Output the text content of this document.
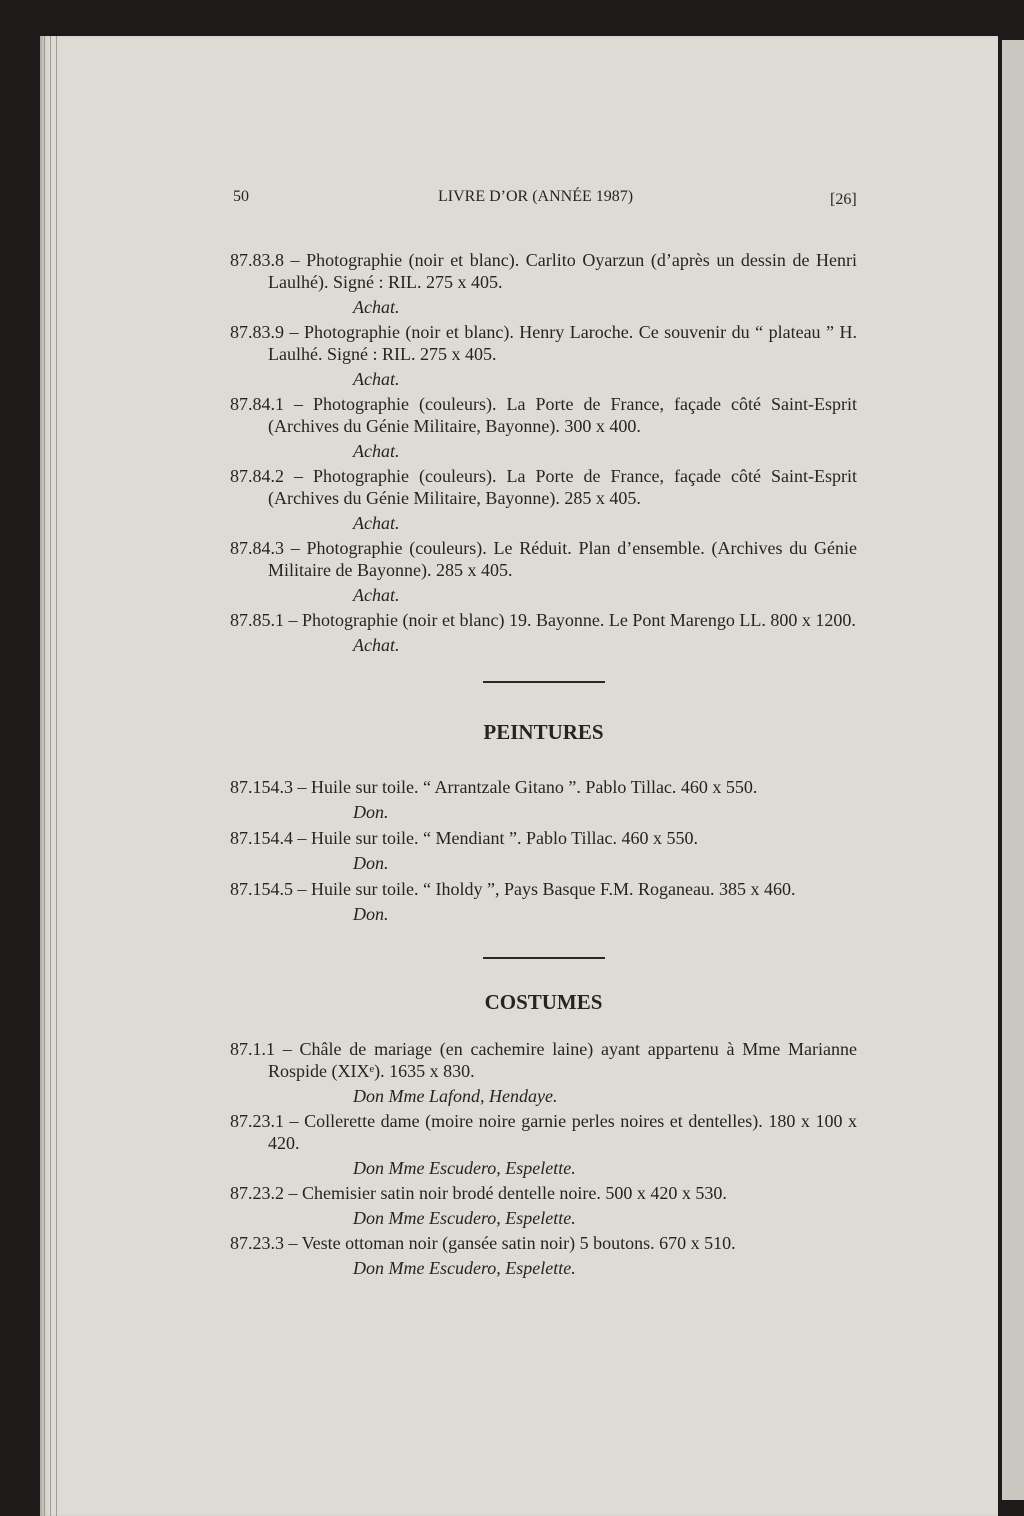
50	LIVRE D’OR (ANNÉE 1987)	[26]
87.83.8 – Photographie (noir et blanc). Carlito Oyarzun (d’après un dessin de Henri Laulhé). Signé : RIL. 275 x 405.
Achat.
87.83.9 – Photographie (noir et blanc). Henry Laroche. Ce souvenir du “ plateau ” H. Laulhé. Signé : RIL. 275 x 405.
Achat.
87.84.1 – Photographie (couleurs). La Porte de France, façade côté Saint-Esprit (Archives du Génie Militaire, Bayonne). 300 x 400.
Achat.
87.84.2 – Photographie (couleurs). La Porte de France, façade côté Saint-Esprit (Archives du Génie Militaire, Bayonne). 285 x 405.
Achat.
87.84.3 – Photographie (couleurs). Le Réduit. Plan d’ensemble. (Archives du Génie Militaire de Bayonne). 285 x 405.
Achat.
87.85.1 – Photographie (noir et blanc) 19. Bayonne. Le Pont Marengo LL. 800 x 1200.
Achat.
PEINTURES
87.154.3 – Huile sur toile. “ Arrantzale Gitano ”. Pablo Tillac. 460 x 550.
Don.
87.154.4 – Huile sur toile. “ Mendiant ”. Pablo Tillac. 460 x 550.
Don.
87.154.5 – Huile sur toile. “ Iholdy ”, Pays Basque F.M. Roganeau. 385 x 460.
Don.
COSTUMES
87.1.1 – Châle de mariage (en cachemire laine) ayant appartenu à Mme Marianne Rospide (XIXᵉ). 1635 x 830.
Don Mme Lafond, Hendaye.
87.23.1 – Collerette dame (moire noire garnie perles noires et dentelles). 180 x 100 x 420.
Don Mme Escudero, Espelette.
87.23.2 – Chemisier satin noir brodé dentelle noire. 500 x 420 x 530.
Don Mme Escudero, Espelette.
87.23.3 – Veste ottoman noir (gansée satin noir) 5 boutons. 670 x 510.
Don Mme Escudero, Espelette.
